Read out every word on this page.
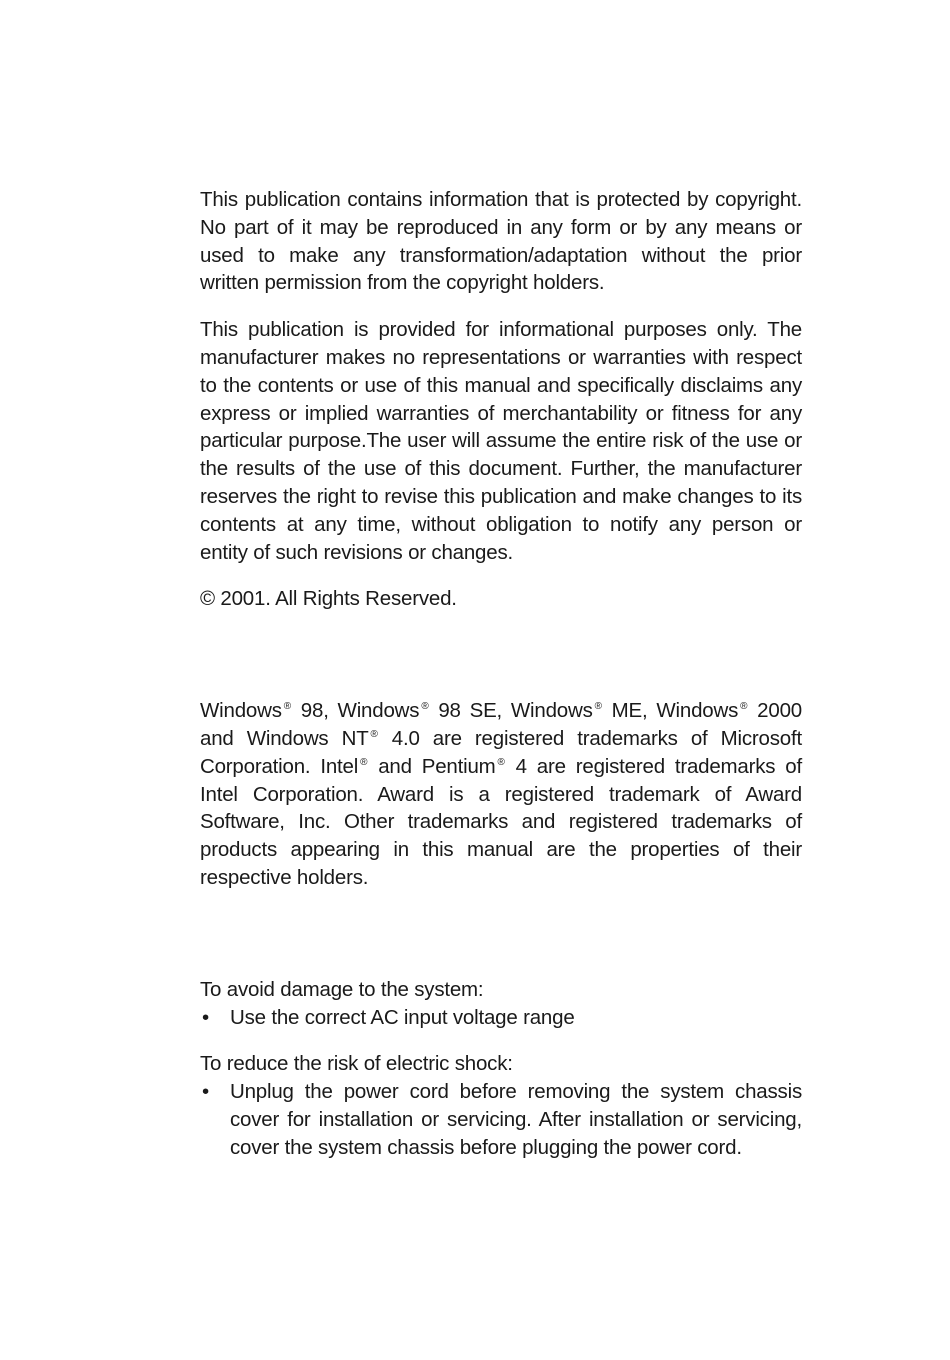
This publication contains information that is protected by copyright. No part of it may be reproduced in any form or by any means or used to make any transformation/adaptation without the prior written permission from the copyright holders.

This publication is provided for informational purposes only. The manufacturer makes no representations or warranties with respect to the contents or use of this manual and specifically disclaims any express or implied warranties of merchantability or fitness for any particular purpose.The user will assume the entire risk of the use or the results of the use of this document. Further, the manufacturer reserves the right to revise this publication and make changes to its contents at any time, without obligation to notify any person or entity of such revisions or changes.

© 2001. All Rights Reserved.

Windows ® 98, Windows ® 98 SE, Windows ® ME, Windows ® 2000 and Windows NT ® 4.0 are registered trademarks of Microsoft Corporation. Intel ® and Pentium ® 4 are registered trademarks of Intel Corporation. Award is a registered trademark of Award Software, Inc. Other trademarks and registered trademarks of products appearing in this manual are the properties of their respective holders.

To avoid damage to the system:

• Use the correct AC input voltage range

To reduce the risk of electric shock:

• Unplug the power cord before removing the system chassis cover for installation or servicing. After installation or servicing, cover the system chassis before plugging the power cord.
